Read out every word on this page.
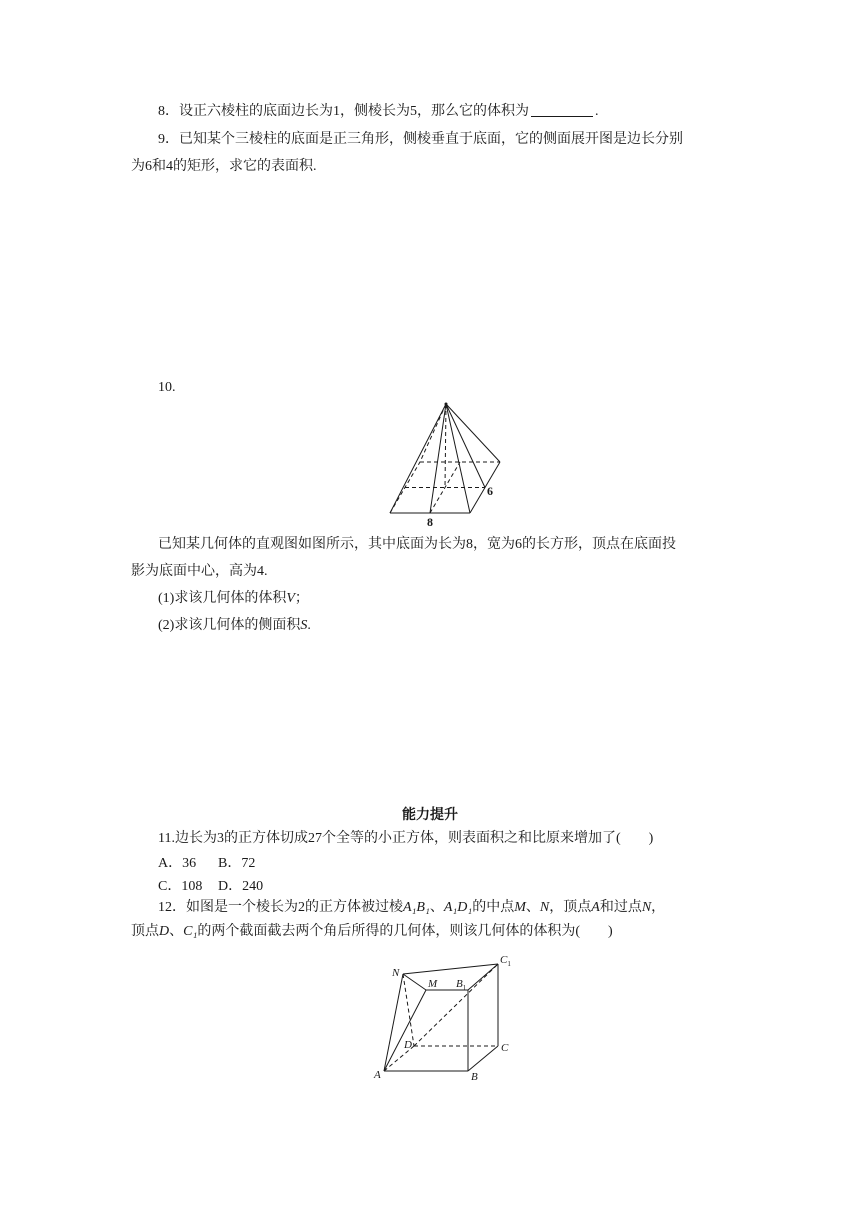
8．设正六棱柱的底面边长为1，侧棱长为5，那么它的体积为	.
9．已知某个三棱柱的底面是正三角形，侧棱垂直于底面，它的侧面展开图是边长分别
为6和4的矩形，求它的表面积.
10.
6
8
已知某几何体的直观图如图所示，其中底面为长为8，宽为6的长方形，顶点在底面投
影为底面中心，高为4.
(1)求该几何体的体积V；
(2)求该几何体的侧面积S.
能力提升
11.边长为3的正方体切成27个全等的小正方体，则表面积之和比原来增加了( )
A．36 B．72
C．108 D．240
12．如图是一个棱长为2的正方体被过棱A₁B₁、A₁D₁的中点M、N，顶点A和过点N，
顶点D、C₁的两个截面截去两个角后所得的几何体，则该几何体的体积为( )
N
M $B_1$
$C_1$
D	C
A	B
